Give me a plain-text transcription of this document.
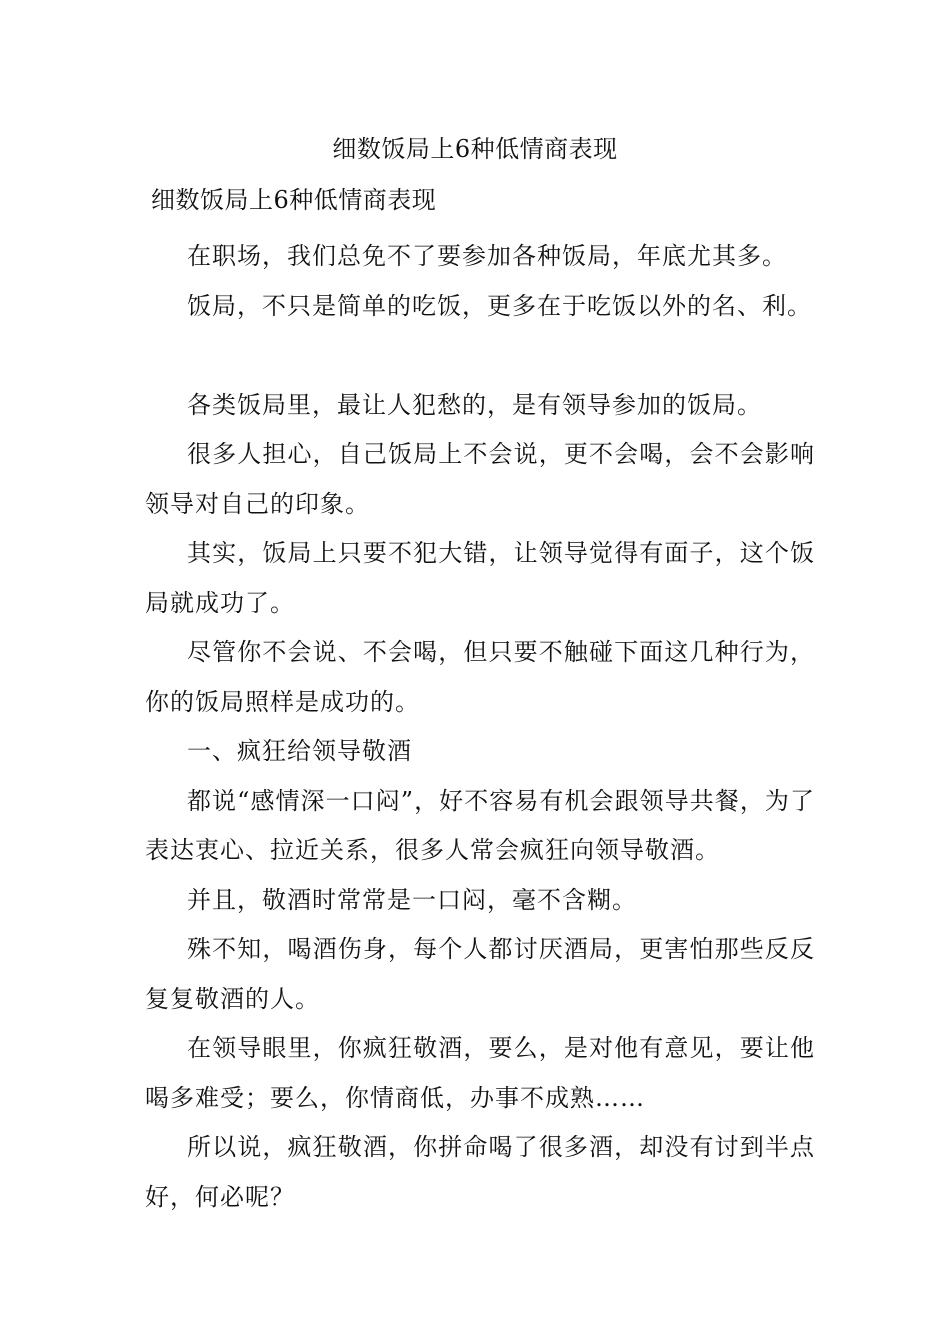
细数饭局上6种低情商表现
细数饭局上6种低情商表现

在职场，我们总免不了要参加各种饭局，年底尤其多。

饭局，不只是简单的吃饭，更多在于吃饭以外的名、利。

各类饭局里，最让人犯愁的，是有领导参加的饭局。

很多人担心，自己饭局上不会说，更不会喝，会不会影响领导对自己的印象。

其实，饭局上只要不犯大错，让领导觉得有面子，这个饭局就成功了。

尽管你不会说、不会喝，但只要不触碰下面这几种行为，你的饭局照样是成功的。

一、疯狂给领导敬酒

都说“感情深一口闷”，好不容易有机会跟领导共餐，为了表达衷心、拉近关系，很多人常会疯狂向领导敬酒。

并且，敬酒时常常是一口闷，毫不含糊。

殊不知，喝酒伤身，每个人都讨厌酒局，更害怕那些反反复复敬酒的人。

在领导眼里，你疯狂敬酒，要么，是对他有意见，要让他喝多难受；要么，你情商低，办事不成熟……

所以说，疯狂敬酒，你拼命喝了很多酒，却没有讨到半点好，何必呢？
